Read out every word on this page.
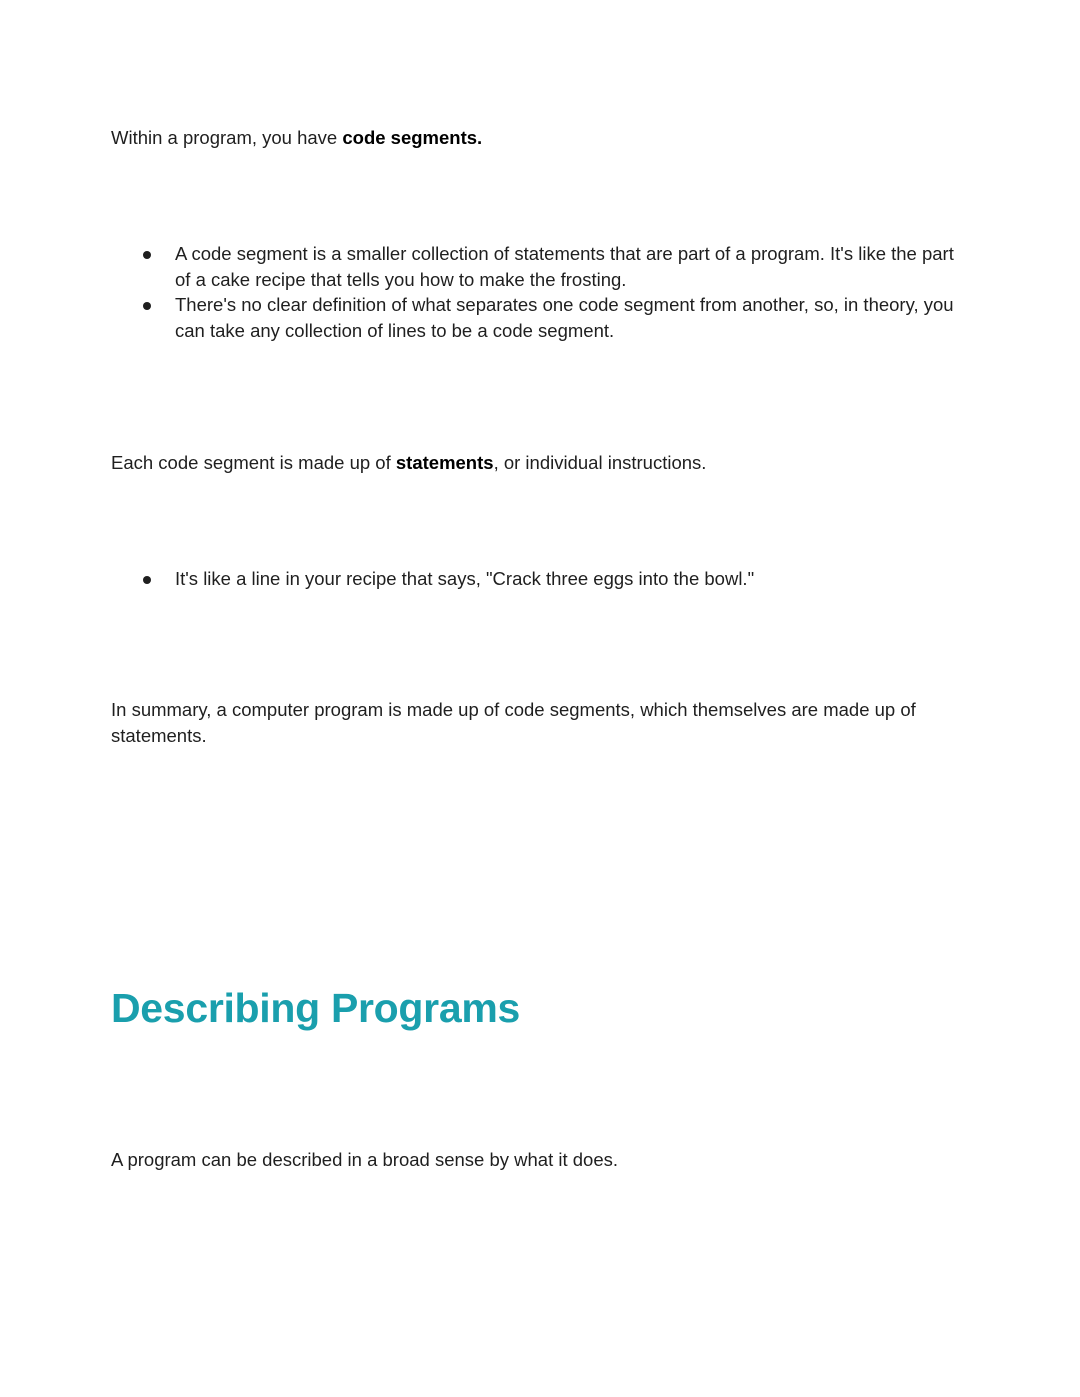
Within a program, you have code segments.

A code segment is a smaller collection of statements that are part of a program. It's like the part of a cake recipe that tells you how to make the frosting.
There's no clear definition of what separates one code segment from another, so, in theory, you can take any collection of lines to be a code segment.

Each code segment is made up of statements, or individual instructions.

It's like a line in your recipe that says, "Crack three eggs into the bowl."

In summary, a computer program is made up of code segments, which themselves are made up of statements.

Describing Programs

A program can be described in a broad sense by what it does.
